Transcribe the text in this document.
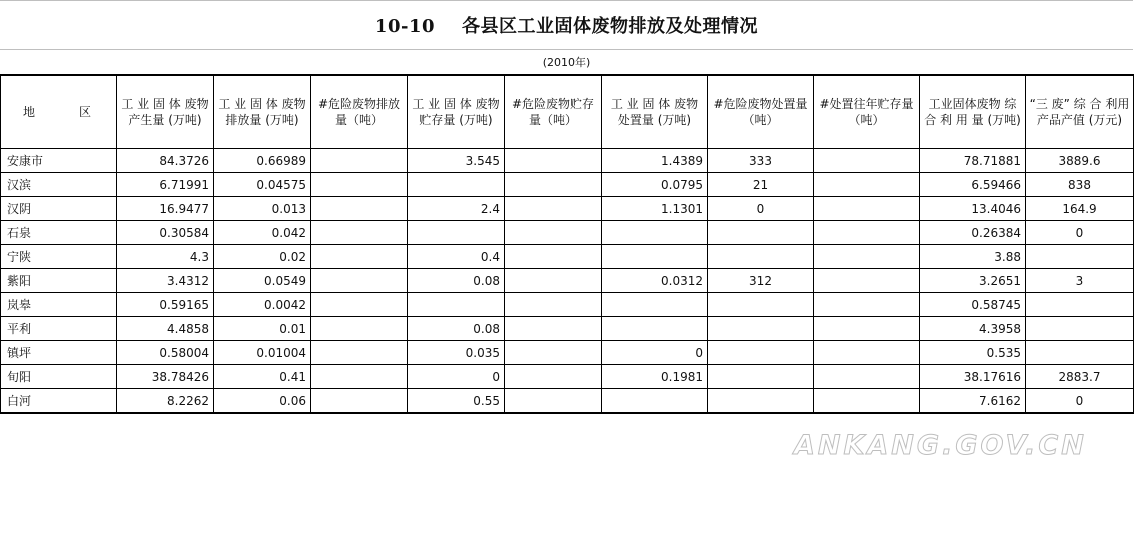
10-10    各县区工业固体废物排放及处理情况
(2010年)
地 区	工 业 固 体 废物产生量 (万吨)	工 业 固 体 废物排放量 (万吨)	#危险废物排放量（吨）	工 业 固 体 废物贮存量 (万吨)	#危险废物贮存量（吨）	工 业 固 体 废物处置量 (万吨)	#危险废物处置量（吨）	#处置往年贮存量（吨）	工业固体废物 综 合 利 用 量 (万吨)	“三 废” 综 合 利用产品产值 (万元)
安康市	84.3726	0.66989		3.545		1.4389	333		78.71881	3889.6
汉滨	6.71991	0.04575				0.0795	21		6.59466	838
汉阴	16.9477	0.013		2.4		1.1301	0		13.4046	164.9
石泉	0.30584	0.042							0.26384	0
宁陕	4.3	0.02		0.4					3.88	
紫阳	3.4312	0.0549		0.08		0.0312	312		3.2651	3
岚皋	0.59165	0.0042							0.58745	
平利	4.4858	0.01		0.08					4.3958	
镇坪	0.58004	0.01004		0.035		0			0.535	
旬阳	38.78426	0.41		0		0.1981			38.17616	2883.7
白河	8.2262	0.06		0.55					7.6162	0
ANKANG.GOV.CN
